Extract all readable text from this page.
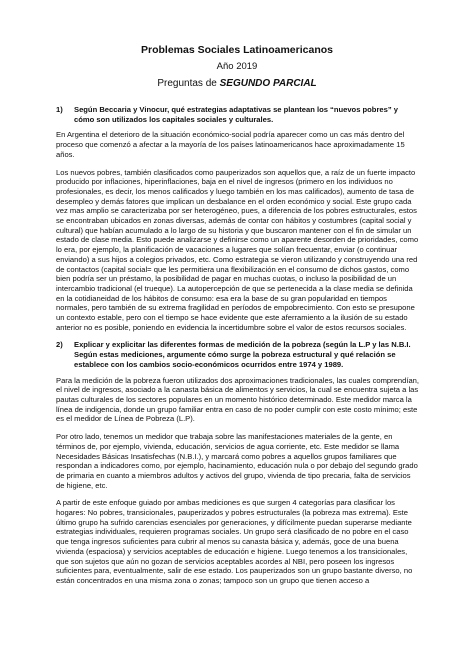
Problemas Sociales Latinoamericanos
Año 2019
Preguntas de SEGUNDO PARCIAL
1)	Según Beccaria y Vinocur, qué estrategias adaptativas se plantean los “nuevos pobres” y cómo son utilizados los capitales sociales y culturales.

En Argentina el deterioro de la situación económico-social podría aparecer como un cas más dentro del proceso que comenzó a afectar a la mayoría de los países latinoamericanos hace aproximadamente 15 años.

Los nuevos pobres, también clasificados como pauperizados son aquellos que, a raíz de un fuerte impacto producido por inflaciones, hiperinflaciones, baja en el nivel de ingresos (primero en los individuos no profesionales, es decir, los menos calificados y luego también en los mas calificados), aumento de tasa de desempleo y demás fatores que implican un desbalance en el orden económico y social. Este grupo cada vez mas amplio se caracterizaba por ser heterogéneo, pues, a diferencia de los pobres estructurales, estos se encontraban ubicados en zonas diversas, además de contar con hábitos y costumbres (capital social y cultural) que habían acumulado a lo largo de su historia y que buscaron mantener con el fin de simular un estado de clase media. Esto puede analizarse y definirse como un aparente desorden de prioridades, como lo era, por ejemplo, la planificación de vacaciones a lugares que solían frecuentar, enviar (o continuar enviando) a sus hijos a colegios privados, etc. Como estrategia se vieron utilizando y construyendo una red de contactos (capital social= que les permitiera una flexibilización en el consumo de dichos gastos, como bien podría ser un préstamo, la posibilidad de pagar en muchas cuotas, o incluso la posibilidad de un intercambio tradicional (el trueque). La autopercepción de que se pertenecida a la clase media se definida en la cotidianeidad de los hábitos de consumo: esa era la base de su gran popularidad en tiempos normales, pero también de su extrema fragilidad en períodos de empobrecimiento. Con esto se presupone un contexto estable, pero con el tiempo se hace evidente que este aferramiento a la ilusión de su estado anterior no es posible, poniendo en evidencia la incertidumbre sobre el valor de estos recursos sociales.

2)	Explicar y explicitar las diferentes formas de medición de la pobreza (según la L.P y las N.B.I. Según estas mediciones, argumente cómo surge la pobreza estructural y qué relación se establece con los cambios socio-económicos ocurridos entre 1974 y 1989.

Para la medición de la pobreza fueron utilizados dos aproximaciones tradicionales, las cuales comprendían, el nivel de ingresos, asociado a la canasta básica de alimentos y servicios, la cual se encuentra sujeta a las pautas culturales de los sectores populares en un momento histórico determinado. Este medidor marca la línea de indigencia, donde un grupo familiar entra en caso de no poder cumplir con este costo mínimo; este es el medidor de Línea de Pobreza (L.P).

Por otro lado, tenemos un medidor que trabaja sobre las manifestaciones materiales de la gente, en términos de, por ejemplo, vivienda, educación, servicios de agua corriente, etc. Este medidor se llama Necesidades Básicas Insatisfechas (N.B.I.), y marcará como pobres a aquellos grupos familiares que respondan a indicadores como, por ejemplo, hacinamiento, educación nula o por debajo del segundo grado de primaria en cuanto a miembros adultos y activos del grupo, vivienda de tipo precaria, falta de servicios de higiene, etc.

A partir de este enfoque guiado por ambas mediciones es que surgen 4 categorías para clasificar los hogares: No pobres, transicionales, pauperizados y pobres estructurales (la pobreza mas extrema). Este último grupo ha sufrido carencias esenciales por generaciones, y difícilmente puedan superarse mediante estrategias individuales, requieren programas sociales. Un grupo será clasificado de no pobre en el caso que tenga ingresos suficientes para cubrir al menos su canasta básica y, además, goce de una buena vivienda (espaciosa) y servicios aceptables de educación e higiene. Luego tenemos a los transicionales, que son sujetos que aún no gozan de servicios aceptables acordes al NBI, pero poseen los ingresos suficientes para, eventualmente, salir de ese estado. Los pauperizados son un grupo bastante diverso, no están concentrados en una misma zona o zonas; tampoco son un grupo que tienen acceso a
